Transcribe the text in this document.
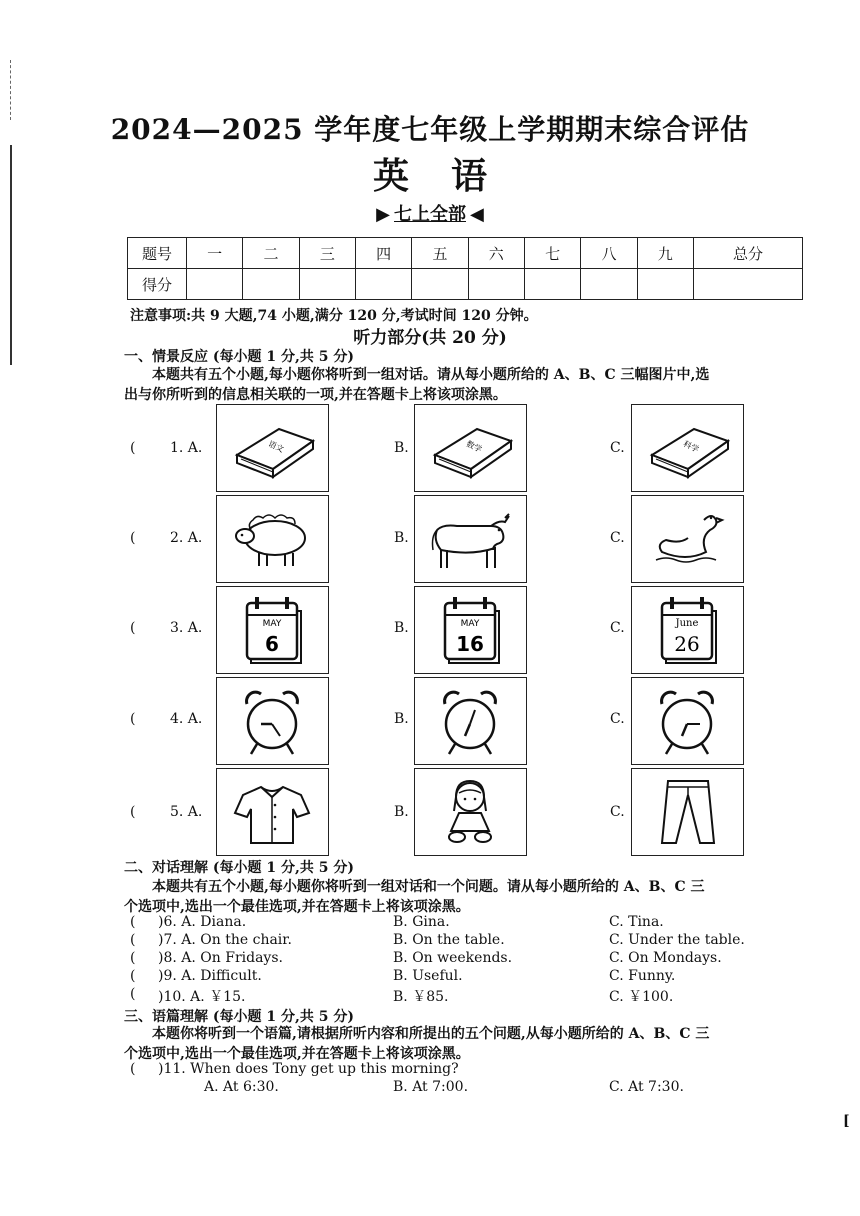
2024—2025 学年度七年级上学期期末综合评估
英语
▶ 七上全部 ◀
题号	一	二	三	四	五	六	七	八	九	总分
得分										
注意事项:共 9 大题,74 小题,满分 120 分,考试时间 120 分钟。
听力部分(共 20 分)
一、情景反应 (每小题 1 分,共 5 分)
本题共有五个小题,每小题你将听到一组对话。请从每小题所给的 A、B、C 三幅图片中,选
出与你所听到的信息相关联的一项,并在答题卡上将该项涂黑。
( 1. A.	语文	B.	数学	C.	科学
( 2. A.	B.	C.
( 3. A.	MAY
6
B.	MAY
16
C.	June
26
( 4. A.	B.	C.
( 5. A.	B.	C.
二、对话理解 (每小题 1 分,共 5 分)
本题共有五个小题,每小题你将听到一组对话和一个问题。请从每小题所给的 A、B、C 三
个选项中,选出一个最佳选项,并在答题卡上将该项涂黑。
( )6. A. Diana.	B. Gina.	C. Tina.
( )7. A. On the chair.	B. On the table.	C. Under the table.
( )8. A. On Fridays.	B. On weekends.	C. On Mondays.
( )9. A. Difficult.	B. Useful.	C. Funny.
( )10. A. ￥15.	B. ￥85.	C. ￥100.
三、语篇理解 (每小题 1 分,共 5 分)
本题你将听到一个语篇,请根据所听内容和所提出的五个问题,从每小题所给的 A、B、C 三
个选项中,选出一个最佳选项,并在答题卡上将该项涂黑。
( )11. When does Tony get up this morning?
A. At 6:30.	B. At 7:00.	C. At 7:30.
[
